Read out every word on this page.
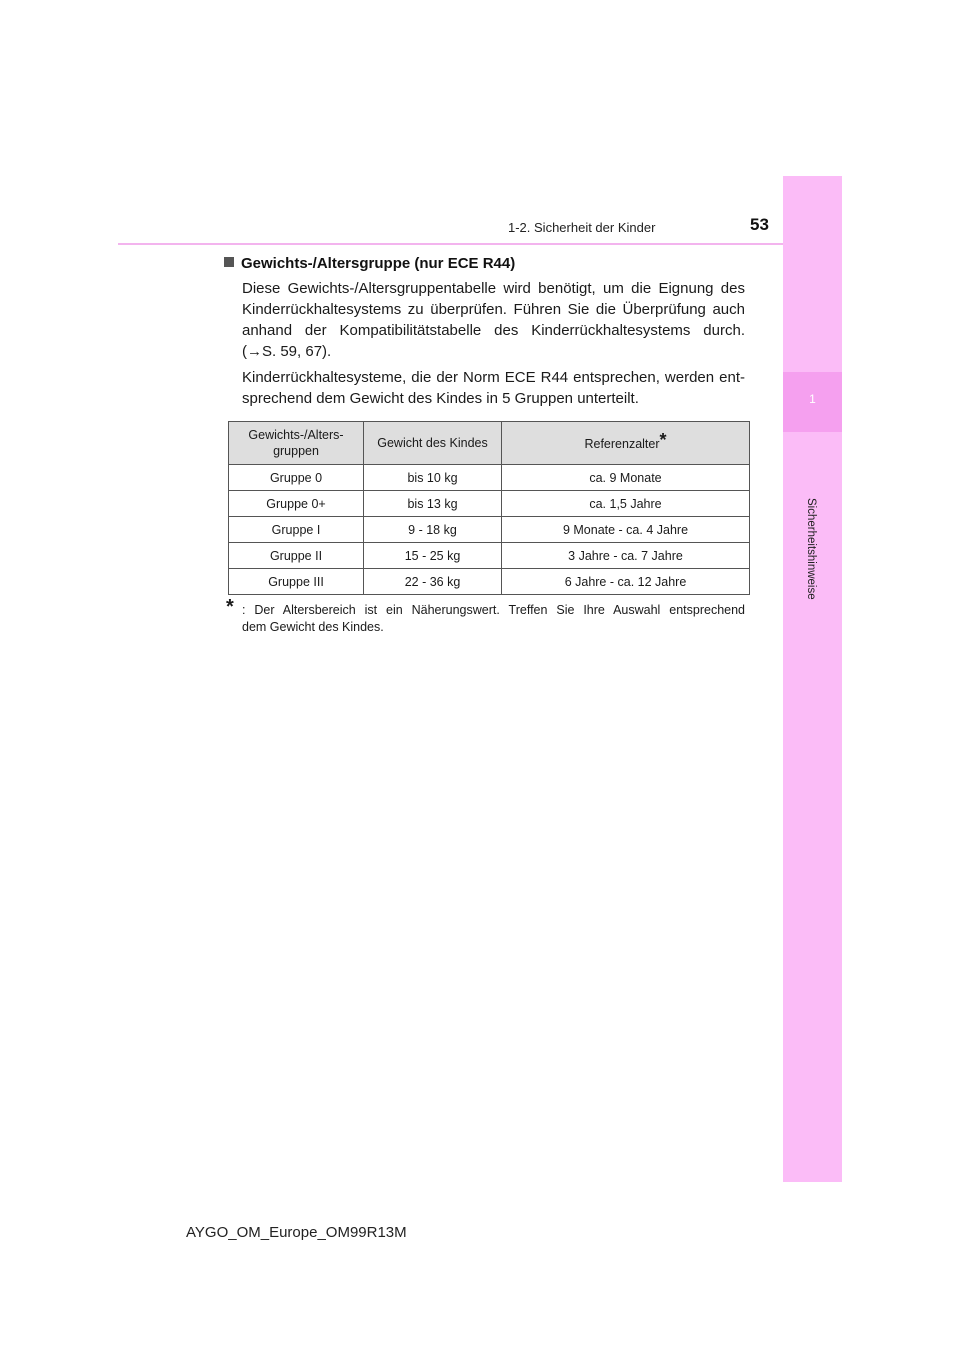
1-2. Sicherheit der Kinder	53
1
Sicherheitshinweise
Gewichts-/Altersgruppe (nur ECE R44)
Diese Gewichts-/Altersgruppentabelle wird benötigt, um die Eignung des
Kinderrückhaltesystems zu überprüfen. Führen Sie die Überprüfung auch
anhand der Kompatibilitätstabelle des Kinderrückhaltesystems durch.
(→S. 59, 67).
Kinderrückhaltesysteme, die der Norm ECE R44 entsprechen, werden ent-
sprechend dem Gewicht des Kindes in 5 Gruppen unterteilt.
Gewichts-/Alters-
gruppen	Gewicht des Kindes	Referenzalter*
Gruppe 0	bis 10 kg	ca. 9 Monate
Gruppe 0+	bis 13 kg	ca. 1,5 Jahre
Gruppe I	9 - 18 kg	9 Monate - ca. 4 Jahre
Gruppe II	15 - 25 kg	3 Jahre - ca. 7 Jahre
Gruppe III	22 - 36 kg	6 Jahre - ca. 12 Jahre
* : Der Altersbereich ist ein Näherungswert. Treffen Sie Ihre Auswahl entsprechend
dem Gewicht des Kindes.
AYGO_OM_Europe_OM99R13M
